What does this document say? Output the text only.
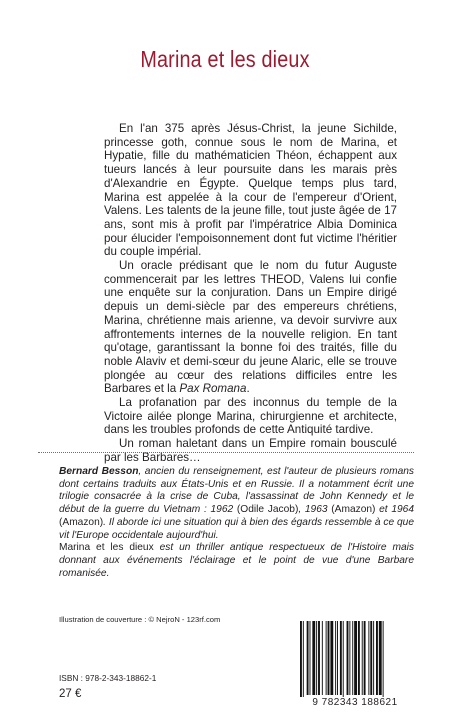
Marina et les dieux

En l'an 375 après Jésus-Christ, la jeune Sichilde, princesse goth, connue sous le nom de Marina, et Hypatie, fille du mathématicien Théon, échappent aux tueurs lancés à leur poursuite dans les marais près d'Alexandrie en Égypte. Quelque temps plus tard, Marina est appelée à la cour de l'empereur d'Orient, Valens. Les talents de la jeune fille, tout juste âgée de 17 ans, sont mis à profit par l'impératrice Albia Dominica pour élucider l'empoisonnement dont fut victime l'héritier du couple impérial.

Un oracle prédisant que le nom du futur Auguste commencerait par les lettres THEOD, Valens lui confie une enquête sur la conjuration. Dans un Empire dirigé depuis un demi-siècle par des empereurs chrétiens, Marina, chrétienne mais arienne, va devoir survivre aux affrontements internes de la nouvelle religion. En tant qu'otage, garantissant la bonne foi des traités, fille du noble Alaviv et demi-sœur du jeune Alaric, elle se trouve plongée au cœur des relations difficiles entre les Barbares et la Pax Romana.

La profanation par des inconnus du temple de la Victoire ailée plonge Marina, chirurgienne et architecte, dans les troubles profonds de cette Antiquité tardive.

Un roman haletant dans un Empire romain bousculé par les Barbares…

Bernard Besson, ancien du renseignement, est l'auteur de plusieurs romans dont certains traduits aux États-Unis et en Russie. Il a notamment écrit une trilogie consacrée à la crise de Cuba, l'assassinat de John Kennedy et le début de la guerre du Vietnam : 1962 (Odile Jacob), 1963 (Amazon) et 1964 (Amazon). Il aborde ici une situation qui à bien des égards ressemble à ce que vit l'Europe occidentale aujourd'hui.

Marina et les dieux est un thriller antique respectueux de l'Histoire mais donnant aux événements l'éclairage et le point de vue d'une Barbare romanisée.

Illustration de couverture : © NejroN - 123rf.com
ISBN : 978-2-343-18862-1
27 €
9 782343 188621
